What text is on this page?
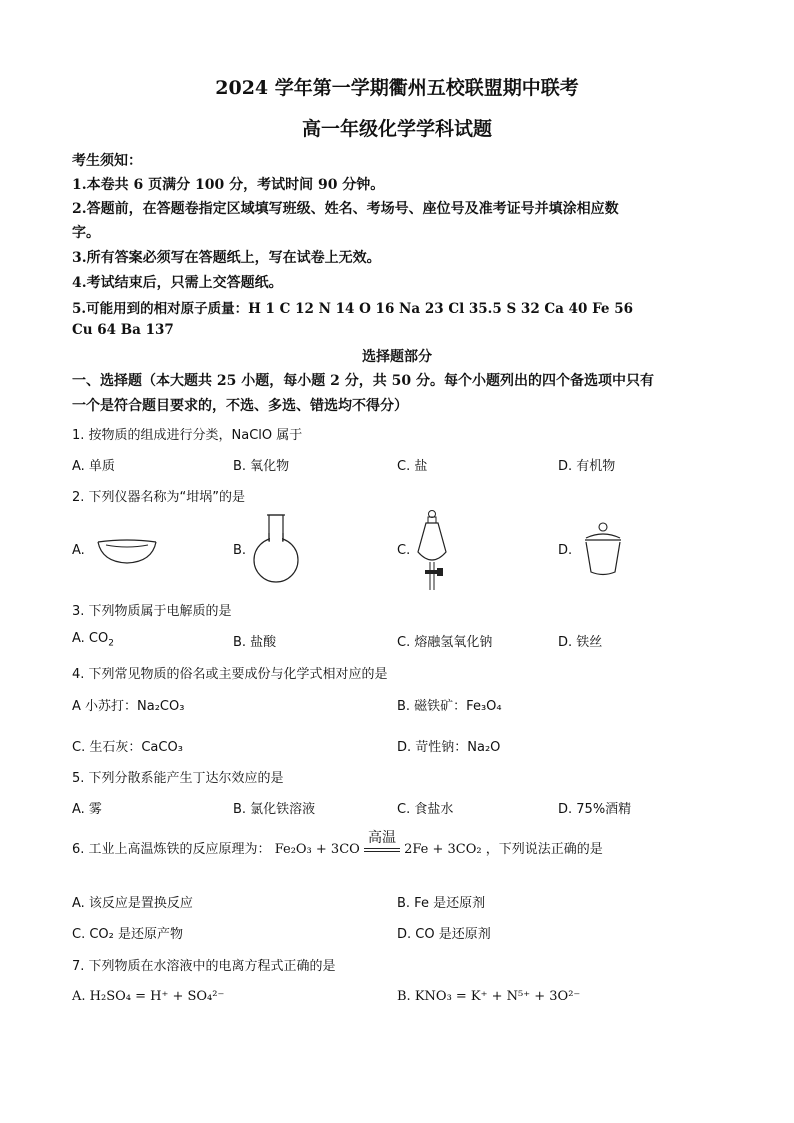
2024 学年第一学期衢州五校联盟期中联考
高一年级化学学科试题
考生须知：
1.本卷共 6 页满分 100 分，考试时间 90 分钟。
2.答题前，在答题卷指定区域填写班级、姓名、考场号、座位号及准考证号并填涂相应数
字。
3.所有答案必须写在答题纸上，写在试卷上无效。
4.考试结束后，只需上交答题纸。
5.可能用到的相对原子质量：H 1 C 12 N 14 O 16 Na 23 Cl 35.5 S 32 Ca 40 Fe 56
Cu 64 Ba 137
选择题部分
一、选择题（本大题共 25 小题，每小题 2 分，共 50 分。每个小题列出的四个备选项中只有
一个是符合题目要求的，不选、多选、错选均不得分）
1. 按物质的组成进行分类，NaClO 属于
A. 单质	B. 氧化物	C. 盐	D. 有机物
2. 下列仪器名称为“坩埚”的是
A.	B.	C.	D.
3. 下列物质属于电解质的是
A. $CO_2$	B. 盐酸	C. 熔融氢氧化钠	D. 铁丝
4. 下列常见物质的俗名或主要成份与化学式相对应的是
A 小苏打：Na₂CO₃	B. 磁铁矿：Fe₃O₄
C. 生石灰：CaCO₃	D. 苛性钠：Na₂O
5. 下列分散系能产生丁达尔效应的是
A. 雾	B. 氯化铁溶液	C. 食盐水	D. 75%酒精
6. 工业上高温炼铁的反应原理为： Fe₂O₃ + 3CO
高温
2Fe + 3CO₂ ，下列说法正确的是
A. 该反应是置换反应	B. Fe 是还原剂
C. CO₂ 是还原产物	D. CO 是还原剂
7. 下列物质在水溶液中的电离方程式正确的是
A. H₂SO₄ = H⁺ + SO₄²⁻	B. KNO₃ = K⁺ + N⁵⁺ + 3O²⁻
